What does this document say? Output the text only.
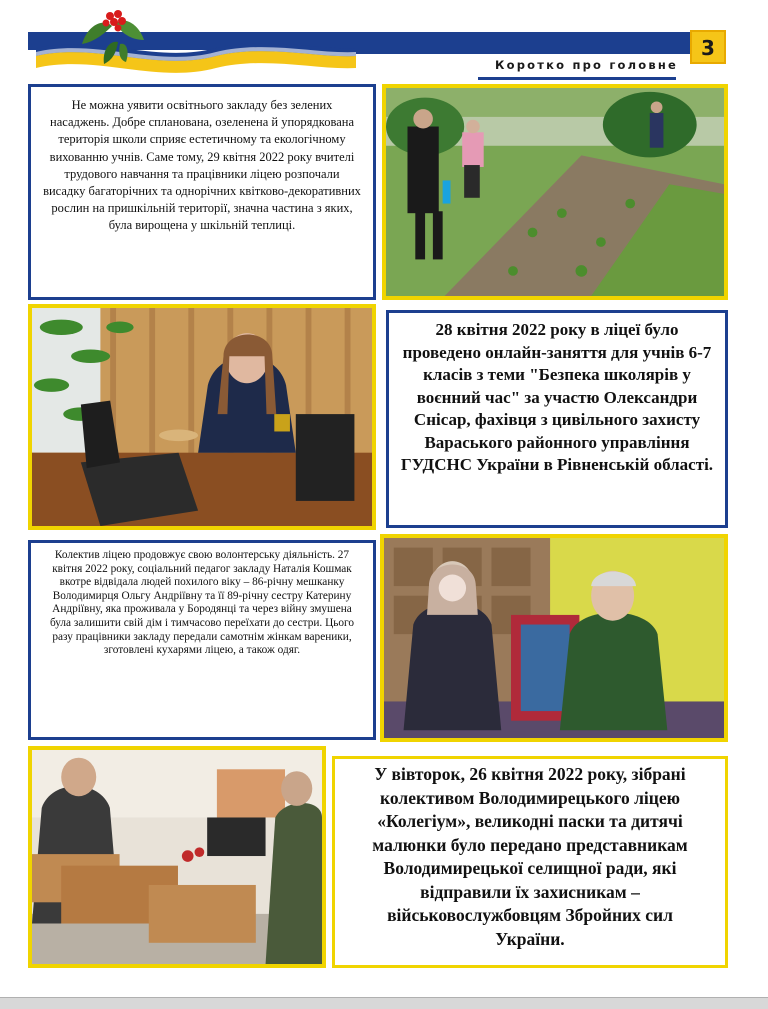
Коротко про головне
3
Не можна уявити освітнього закладу без зелених насаджень. Добре спланована, озеленена й упорядкована територія школи сприяє естетичному та екологічному вихованню учнів. Саме тому, 29 квітня 2022 року вчителі трудового навчання та працівники ліцею розпочали висадку багаторічних та однорічних квітково-декоративних рослин на пришкільній території, значна частина з яких, була вирощена у шкільній теплиці.
28 квітня 2022 року в ліцеї було проведено онлайн-заняття для учнів 6-7 класів з теми "Безпека школярів у воєнний час" за участю Олександри Снісар, фахівця з цивільного захисту Вараського районного управління ГУДСНС України в Рівненській області.
Колектив ліцею продовжує свою волонтерську діяльність. 27 квітня 2022 року, соціальний педагог закладу Наталія Кошмак вкотре відвідала людей похилого віку – 86-річну мешканку Володимирця Ольгу Андріївну та її 89-річну сестру Катерину Андріївну, яка проживала у Бородянці та через війну змушена була залишити свій дім і тимчасово переїхати до сестри. Цього разу працівники закладу передали самотнім жінкам вареники, зготовлені кухарями ліцею, а також одяг.
У вівторок, 26 квітня 2022 року, зібрані колективом Володимирецького ліцею «Колегіум», великодні паски та дитячі малюнки було передано представникам Володимирецької селищної ради, які відправили їх захисникам – військовослужбовцям Збройних сил України.
